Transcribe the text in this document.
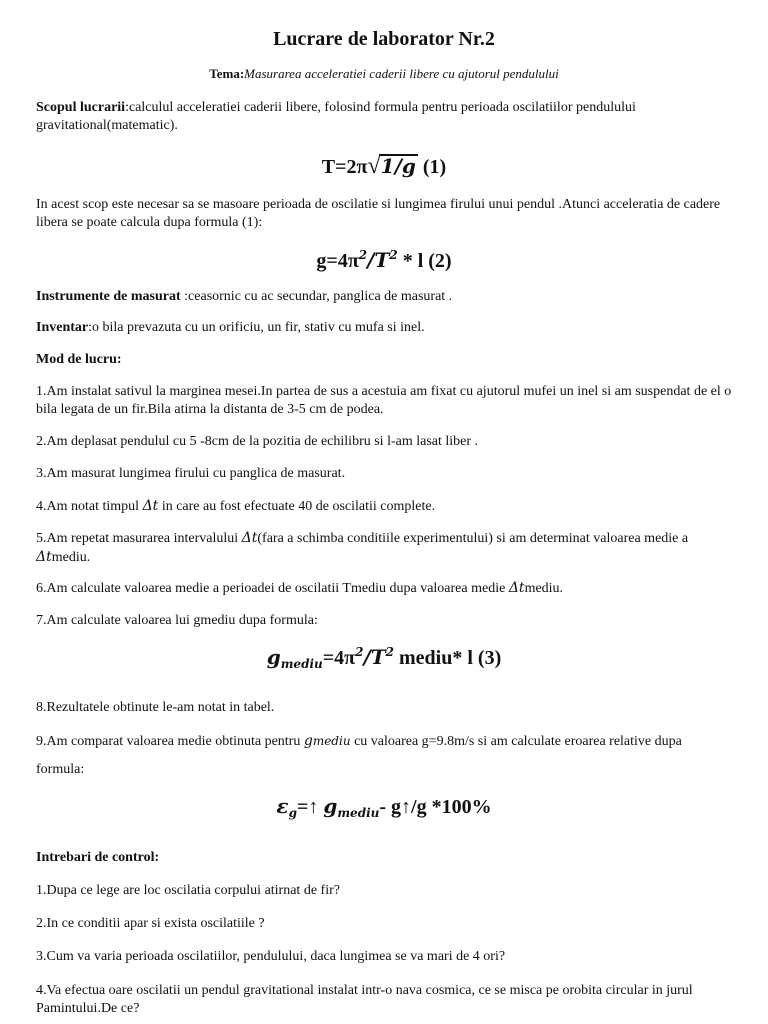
Lucrare de laborator Nr.2
Tema:Masurarea acceleratiei caderii libere cu ajutorul pendulului
Scopul lucrarii:calculul acceleratiei caderii libere, folosind formula pentru perioada oscilatiilor pendulului gravitational(matematic).
T=2π√1/g (1)
In acest scop este necesar sa se masoare perioada de oscilatie si lungimea firului unui pendul .Atunci acceleratia de cadere libera se poate calcula dupa formula (1):
$g=4\pi^2/T^2 * l$ (2)
Instrumente de masurat :ceasornic cu ac secundar, panglica de masurat .
Inventar:o bila prevazuta cu un orificiu, un fir, stativ cu mufa si inel.
Mod de lucru:
1.Am instalat sativul la marginea mesei.In partea de sus a acestuia am fixat cu ajutorul mufei un inel si am suspendat de el o bila legata de un fir.Bila atirna la distanta de 3-5 cm de podea.
2.Am deplasat pendulul cu 5 -8cm de la pozitia de echilibru si l-am lasat liber .
3.Am masurat lungimea firului cu panglica de masurat.
4.Am notat timpul Δt in care au fost efectuate 40 de oscilatii complete.
5.Am repetat masurarea intervalului Δt(fara a schimba conditiile experimentului) si am determinat valoarea medie a Δtmediu.
6.Am calculate valoarea medie a perioadei de oscilatii Tmediu dupa valoarea medie Δtmediu.
7.Am calculate valoarea lui gmediu dupa formula:
$g_{mediu}=4\pi^2/T^2$ mediu* l (3)
8.Rezultatele obtinute le-am notat in tabel.
9.Am comparat valoarea medie obtinuta pentru gmediu cu valoarea g=9.8m/s si am calculate eroarea relative dupa
formula:
$\varepsilon_g=↑$ $g_{mediu}-$ g↑/g *100%
Intrebari de control:
1.Dupa ce lege are loc oscilatia corpului atirnat de fir?
2.In ce conditii apar si exista oscilatiile ?
3.Cum va varia perioada oscilatiilor, pendulului, daca lungimea se va mari de 4 ori?
4.Va efectua oare oscilatii un pendul gravitational instalat intr-o nava cosmica, ce se misca pe orobita circular in jurul Pamintului.De ce?
